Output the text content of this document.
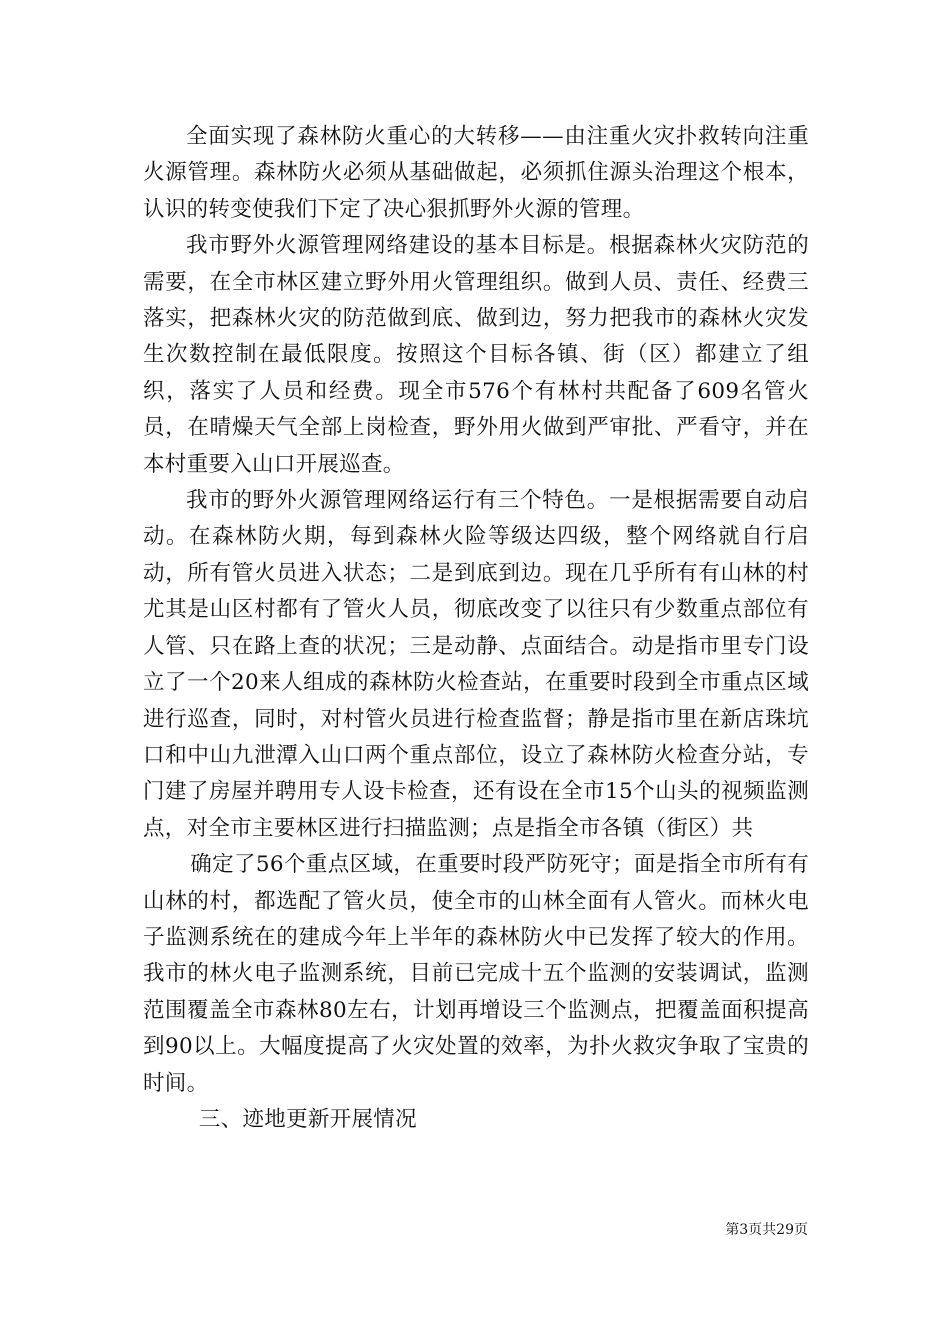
全面实现了森林防火重心的大转移——由注重火灾扑救转向注重火源管理。森林防火必须从基础做起，必须抓住源头治理这个根本，认识的转变使我们下定了决心狠抓野外火源的管理。

我市野外火源管理网络建设的基本目标是。根据森林火灾防范的需要，在全市林区建立野外用火管理组织。做到人员、责任、经费三落实，把森林火灾的防范做到底、做到边，努力把我市的森林火灾发生次数控制在最低限度。按照这个目标各镇、街（区）都建立了组织，落实了人员和经费。现全市576个有林村共配备了609名管火员，在晴燥天气全部上岗检查，野外用火做到严审批、严看守，并在本村重要入山口开展巡查。

我市的野外火源管理网络运行有三个特色。一是根据需要自动启动。在森林防火期，每到森林火险等级达四级，整个网络就自行启动，所有管火员进入状态；二是到底到边。现在几乎所有有山林的村尤其是山区村都有了管火人员，彻底改变了以往只有少数重点部位有人管、只在路上查的状况；三是动静、点面结合。动是指市里专门设立了一个20来人组成的森林防火检查站，在重要时段到全市重点区域进行巡查，同时，对村管火员进行检查监督；静是指市里在新店珠坑口和中山九泄潭入山口两个重点部位，设立了森林防火检查分站，专门建了房屋并聘用专人设卡检查，还有设在全市15个山头的视频监测点，对全市主要林区进行扫描监测；点是指全市各镇（街区）共

确定了56个重点区域，在重要时段严防死守；面是指全市所有有山林的村，都选配了管火员，使全市的山林全面有人管火。而林火电子监测系统在的建成今年上半年的森林防火中已发挥了较大的作用。我市的林火电子监测系统，目前已完成十五个监测的安装调试，监测范围覆盖全市森林80左右，计划再增设三个监测点，把覆盖面积提高到90以上。大幅度提高了火灾处置的效率，为扑火救灾争取了宝贵的时间。

三、迹地更新开展情况

第3页共29页
